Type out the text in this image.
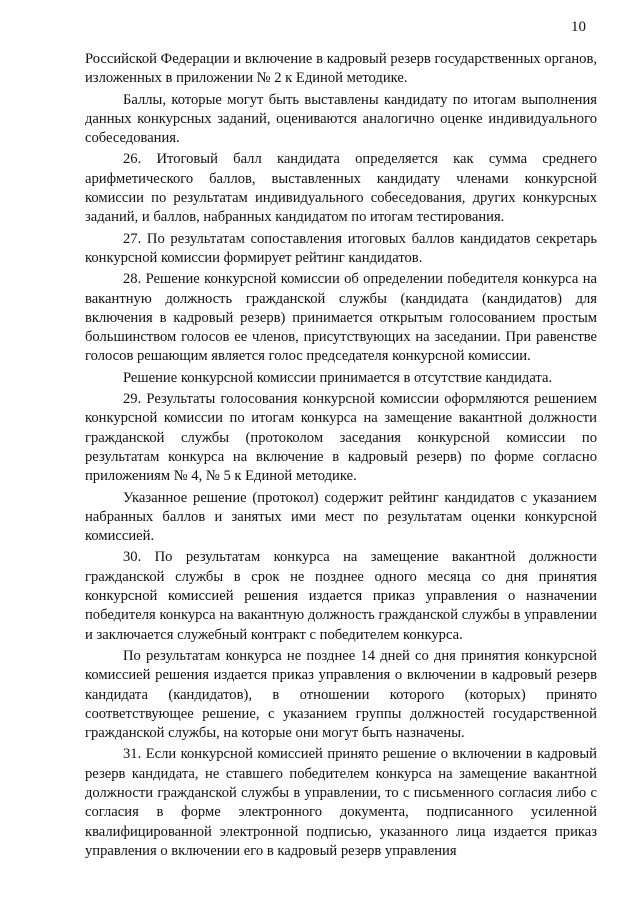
10

Российской Федерации и включение в кадровый резерв государственных органов, изложенных в приложении № 2 к Единой методике.

Баллы, которые могут быть выставлены кандидату по итогам выполнения данных конкурсных заданий, оцениваются аналогично оценке индивидуального собеседования.

26. Итоговый балл кандидата определяется как сумма среднего арифметического баллов, выставленных кандидату членами конкурсной комиссии по результатам индивидуального собеседования, других конкурсных заданий, и баллов, набранных кандидатом по итогам тестирования.

27. По результатам сопоставления итоговых баллов кандидатов секретарь конкурсной комиссии формирует рейтинг кандидатов.

28. Решение конкурсной комиссии об определении победителя конкурса на вакантную должность гражданской службы (кандидата (кандидатов) для включения в кадровый резерв) принимается открытым голосованием простым большинством голосов ее членов, присутствующих на заседании. При равенстве голосов решающим является голос председателя конкурсной комиссии.

Решение конкурсной комиссии принимается в отсутствие кандидата.

29. Результаты голосования конкурсной комиссии оформляются решением конкурсной комиссии по итогам конкурса на замещение вакантной должности гражданской службы (протоколом заседания конкурсной комиссии по результатам конкурса на включение в кадровый резерв) по форме согласно приложениям № 4, № 5 к Единой методике.

Указанное решение (протокол) содержит рейтинг кандидатов с указанием набранных баллов и занятых ими мест по результатам оценки конкурсной комиссией.

30. По результатам конкурса на замещение вакантной должности гражданской службы в срок не позднее одного месяца со дня принятия конкурсной комиссией решения издается приказ управления о назначении победителя конкурса на вакантную должность гражданской службы в управлении и заключается служебный контракт с победителем конкурса.

По результатам конкурса не позднее 14 дней со дня принятия конкурсной комиссией решения издается приказ управления о включении в кадровый резерв кандидата (кандидатов), в отношении которого (которых) принято соответствующее решение, с указанием группы должностей государственной гражданской службы, на которые они могут быть назначены.

31. Если конкурсной комиссией принято решение о включении в кадровый резерв кандидата, не ставшего победителем конкурса на замещение вакантной должности гражданской службы в управлении, то с письменного согласия либо с согласия в форме электронного документа, подписанного усиленной квалифицированной электронной подписью, указанного лица издается приказ управления о включении его в кадровый резерв управления
